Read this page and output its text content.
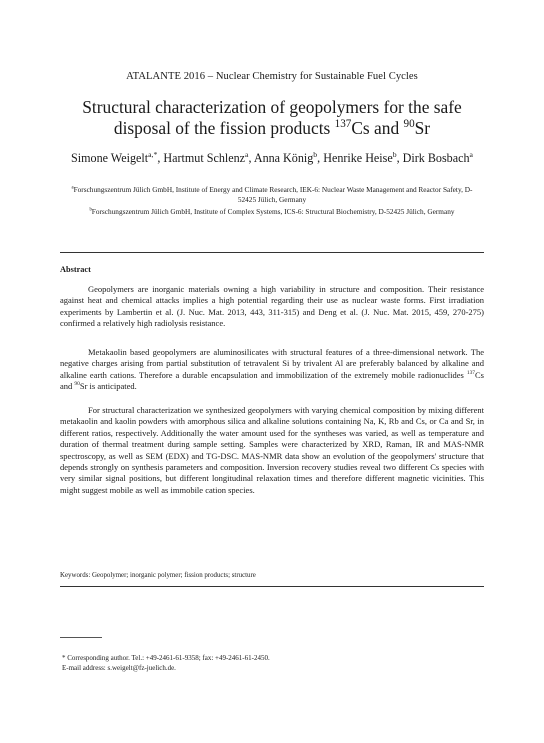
ATALANTE 2016 – Nuclear Chemistry for Sustainable Fuel Cycles
Structural characterization of geopolymers for the safe
disposal of the fission products $^{137}$Cs and $^{90}$Sr
Simone Weigelt$^{a,*}$, Hartmut Schlenz$^a$, Anna König$^b$, Henrike Heise$^b$, Dirk Bosbach$^a$
$^a$Forschungszentrum Jülich GmbH, Institute of Energy and Climate Research, IEK-6: Nuclear Waste Management and Reactor Safety, D-52425 Jülich, Germany
$^b$Forschungszentrum Jülich GmbH, Institute of Complex Systems, ICS-6: Structural Biochemistry, D-52425 Jülich, Germany
Abstract

Geopolymers are inorganic materials owning a high variability in structure and composition. Their resistance against heat and chemical attacks implies a high potential regarding their use as nuclear waste forms. First irradiation experiments by Lambertin et al. (J. Nuc. Mat. 2013, 443, 311-315) and Deng et al. (J. Nuc. Mat. 2015, 459, 270-275) confirmed a relatively high radiolysis resistance.

Metakaolin based geopolymers are aluminosilicates with structural features of a three-dimensional network. The negative charges arising from partial substitution of tetravalent Si by trivalent Al are preferably balanced by alkaline and alkaline earth cations. Therefore a durable encapsulation and immobilization of the extremely mobile radionuclides $^{137}$Cs and $^{90}$Sr is anticipated.

For structural characterization we synthesized geopolymers with varying chemical composition by mixing different metakaolin and kaolin powders with amorphous silica and alkaline solutions containing Na, K, Rb and Cs, or Ca and Sr, in different ratios, respectively. Additionally the water amount used for the syntheses was varied, as well as temperature and duration of thermal treatment during sample setting. Samples were characterized by XRD, Raman, IR and MAS-NMR spectroscopy, as well as SEM (EDX) and TG-DSC. MAS-NMR data show an evolution of the geopolymers' structure that depends strongly on synthesis parameters and composition. Inversion recovery studies reveal two different Cs species with very similar signal positions, but different longitudinal relaxation times and therefore different magnetic vicinities. This might suggest mobile as well as immobile cation species.

Keywords: Geopolymer; inorganic polymer; fission products; structure
* Corresponding author. Tel.: +49-2461-61-9358; fax: +49-2461-61-2450.
E-mail address: s.weigelt@fz-juelich.de.
